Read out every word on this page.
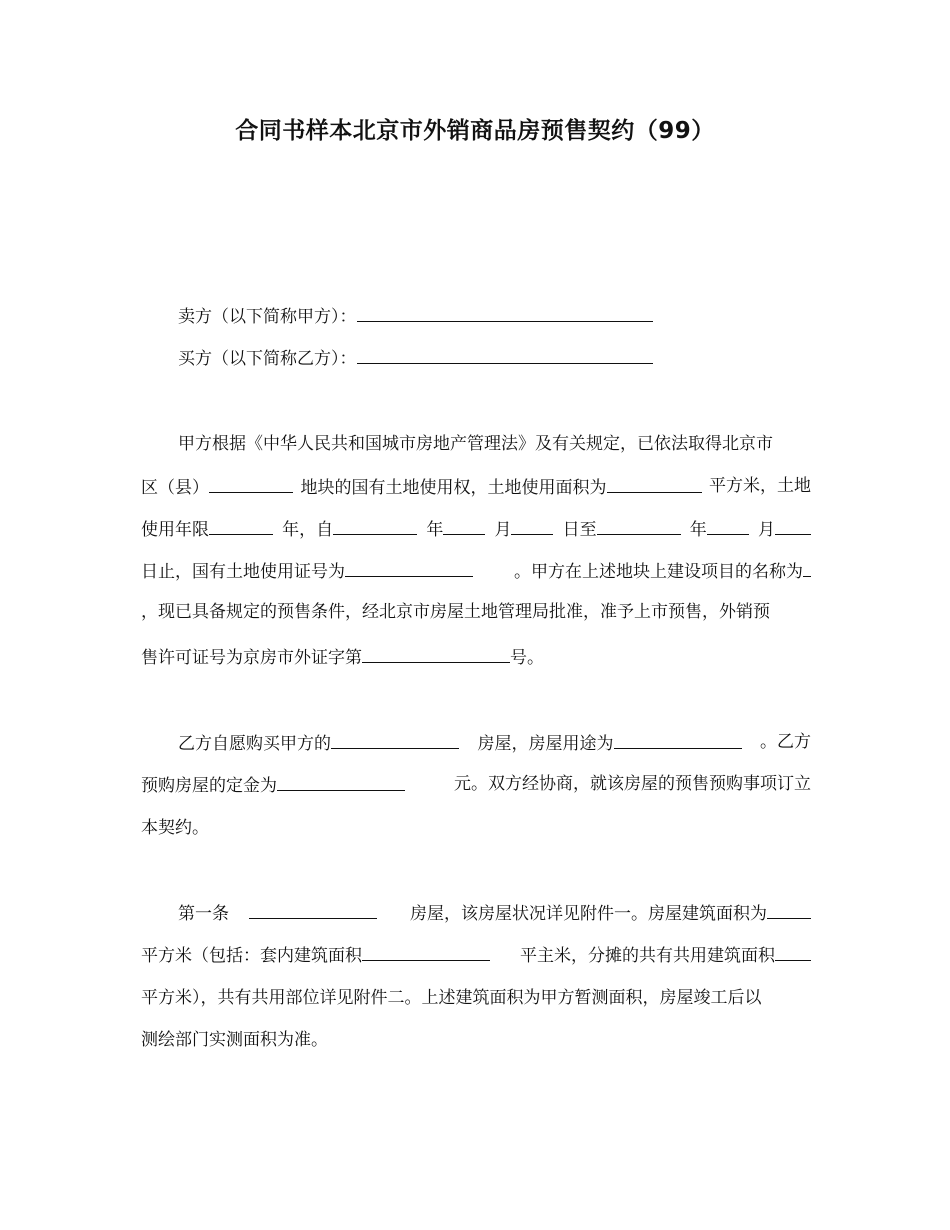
合同书样本北京市外销商品房预售契约（99）
卖方（以下简称甲方）：
买方（以下简称乙方）：
甲方根据《中华人民共和国城市房地产管理法》及有关规定，已依法取得北京市
区（县）	地块的国有土地使用权，土地使用面积为	平方米，土地
使用年限	年，自	年	月	日至	年	月
日止，国有土地使用证号为	。甲方在上述地块上建设项目的名称为
，现已具备规定的预售条件，经北京市房屋土地管理局批准，准予上市预售，外销预
售许可证号为京房市外证字第	号。
乙方自愿购买甲方的	房屋，房屋用途为	。乙方
预购房屋的定金为	元。双方经协商，就该房屋的预售预购事项订立
本契约。
第一条	房屋，该房屋状况详见附件一。房屋建筑面积为
平方米（包括：套内建筑面积	平主米，分摊的共有共用建筑面积
平方米），共有共用部位详见附件二。上述建筑面积为甲方暂测面积，房屋竣工后以
测绘部门实测面积为准。
